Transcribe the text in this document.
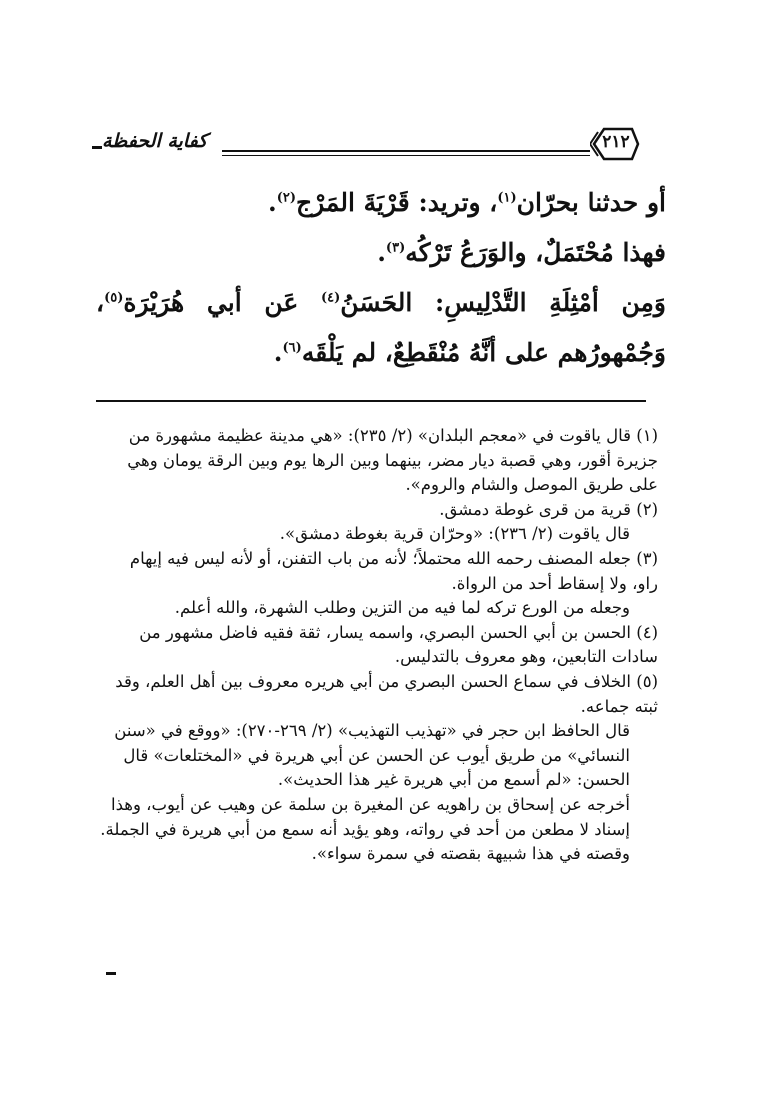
كفاية الحفظة	٢١٢

أو حدثنا بحرّان$^{(١)}$، وتريد: قَرْيَةَ المَرْج$^{(٢)}$.

فهذا مُحْتَمَلٌ، والوَرَعُ تَرْكُه$^{(٣)}$.

وَمِن أمْثِلَةِ التَّدْلِيسِ: الحَسَنُ$^{(٤)}$ عَن أبي هُرَيْرَة$^{(٥)}$، وَجُمْهورُهم على أنَّهُ مُنْقَطِعٌ، لم يَلْقَه$^{(٦)}$.

(١) قال ياقوت في «معجم البلدان» (٢/ ٢٣٥): «هي مدينة عظيمة مشهورة من جزيرة أقور، وهي قصبة ديار مضر، بينهما وبين الرها يوم وبين الرقة يومان وهي على طريق الموصل والشام والروم».

(٢) قرية من قرى غوطة دمشق.

قال ياقوت (٢/ ٢٣٦): «وحرّان قرية بغوطة دمشق».

(٣) جعله المصنف رحمه الله محتملاً؛ لأنه من باب التفنن، أو لأنه ليس فيه إيهام راو، ولا إسقاط أحد من الرواة.

وجعله من الورع تركه لما فيه من التزين وطلب الشهرة، والله أعلم.

(٤) الحسن بن أبي الحسن البصري، واسمه يسار، ثقة فقيه فاضل مشهور من سادات التابعين، وهو معروف بالتدليس.

(٥) الخلاف في سماع الحسن البصري من أبي هريره معروف بين أهل العلم، وقد ثبته جماعه.

قال الحافظ ابن حجر في «تهذيب التهذيب» (٢/ ٢٦٩-٢٧٠): «ووقع في «سنن النسائي» من طريق أيوب عن الحسن عن أبي هريرة في «المختلعات» قال الحسن: «لم أسمع من أبي هريرة غير هذا الحديث».

أخرجه عن إسحاق بن راهويه عن المغيرة بن سلمة عن وهيب عن أيوب، وهذا إسناد لا مطعن من أحد في رواته، وهو يؤيد أنه سمع من أبي هريرة في الجملة.

وقصته في هذا شبيهة بقصته في سمرة سواء».
